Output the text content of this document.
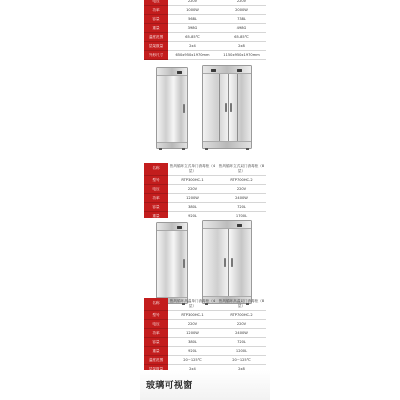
电压	220V	220V
功率	1000W	2000W
容量	568L	738L
重量	398G	498G
温度范围	65-85℃	65-85℃
层架数量	2x4	2x8
外形尺寸	650x950x1970mm	1150x950x1970mm
名称	热风循环立式单门消毒柜（4层）	热风循环立式双门消毒柜（8层）
型号	RTP300HC-1	RTP700HC-2
电压	220V	220V
功率	1200W	2400W
容量	380L	720L
重量	920L	1700L

名称	热风循环高温单门消毒柜（4层）	热风循环高温双门消毒柜（8层）
型号	RTP300HC-1	RTP700HC-2
电压	220V	220V
功率	1200W	2400W
容量	380L	720L
重量	920L	1200L
温度范围	20~125℃	20~125℃
层架数量	2x4	2x8

玻璃可视窗
